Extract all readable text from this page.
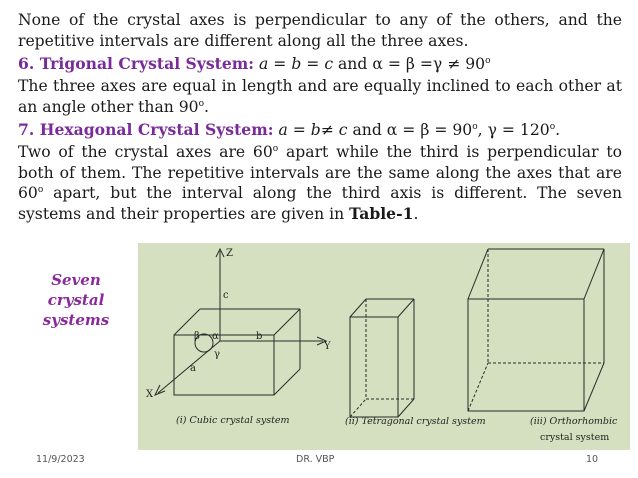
None of the crystal axes is perpendicular to any of the others, and the repetitive intervals are different along all the three axes.

6. Trigonal Crystal System: a = b = c and $\alpha = \beta =\gamma \ne 90^o$

The three axes are equal in length and are equally inclined to each other at an angle other than 90$^o$.

7. Hexagonal Crystal System: a = b≠ c and $\alpha = \beta = 90^o$, $\gamma = 120^o$.

Two of the crystal axes are 60$^o$ apart while the third is perpendicular to both of them. The repetitive intervals are the same along the axes that are 60$^o$ apart, but the interval along the third axis is different. The seven systems and their properties are given in Table-1.

Seven
crystal
systems
Z
Y
X
c
b
a
α
β
γ
(i) Cubic crystal system	(ii) Tetragonal crystal system	(iii) Orthorhombic
crystal system
11/9/2023	DR. VBP	10
